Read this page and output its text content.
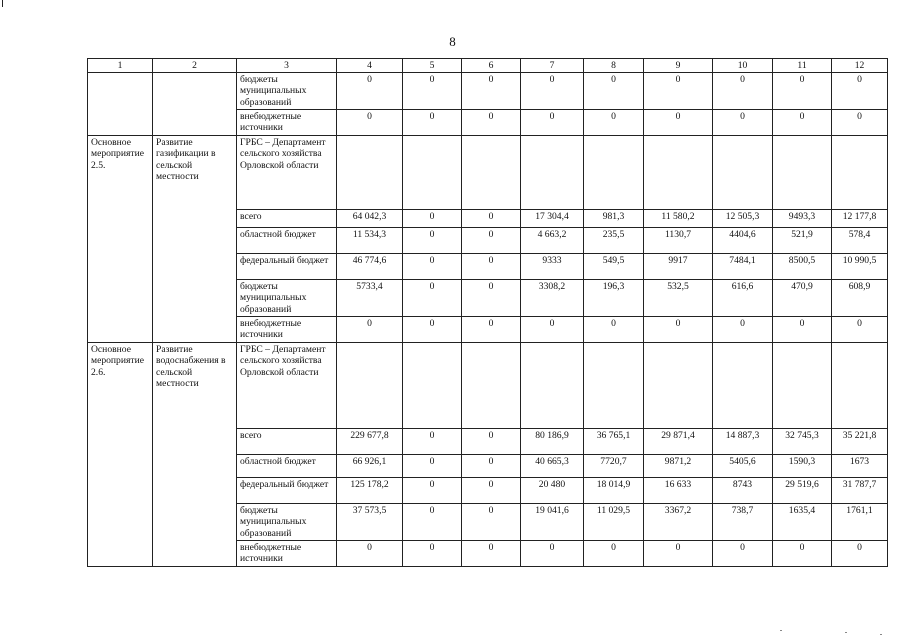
8
1	2	3	4	5	6	7	8	9	10	11	12
		бюджеты муниципальных образований	0	0	0	0	0	0	0	0	0
		внебюджетные источники	0	0	0	0	0	0	0	0	0
Основное мероприятие 2.5.	Развитие газификации в сельской местности	ГРБС – Департамент сельского хозяйства Орловской области									
		всего	64 042,3	0	0	17 304,4	981,3	11 580,2	12 505,3	9493,3	12 177,8
		областной бюджет	11 534,3	0	0	4 663,2	235,5	1130,7	4404,6	521,9	578,4
		федеральный бюджет	46 774,6	0	0	9333	549,5	9917	7484,1	8500,5	10 990,5
		бюджеты муниципальных образований	5733,4	0	0	3308,2	196,3	532,5	616,6	470,9	608,9
		внебюджетные источники	0	0	0	0	0	0	0	0	0
Основное мероприятие 2.6.	Развитие водоснабжения в сельской местности	ГРБС – Департамент сельского хозяйства Орловской области									
		всего	229 677,8	0	0	80 186,9	36 765,1	29 871,4	14 887,3	32 745,3	35 221,8
		областной бюджет	66 926,1	0	0	40 665,3	7720,7	9871,2	5405,6	1590,3	1673
		федеральный бюджет	125 178,2	0	0	20 480	18 014,9	16 633	8743	29 519,6	31 787,7
		бюджеты муниципальных образований	37 573,5	0	0	19 041,6	11 029,5	3367,2	738,7	1635,4	1761,1
		внебюджетные источники	0	0	0	0	0	0	0	0	0
